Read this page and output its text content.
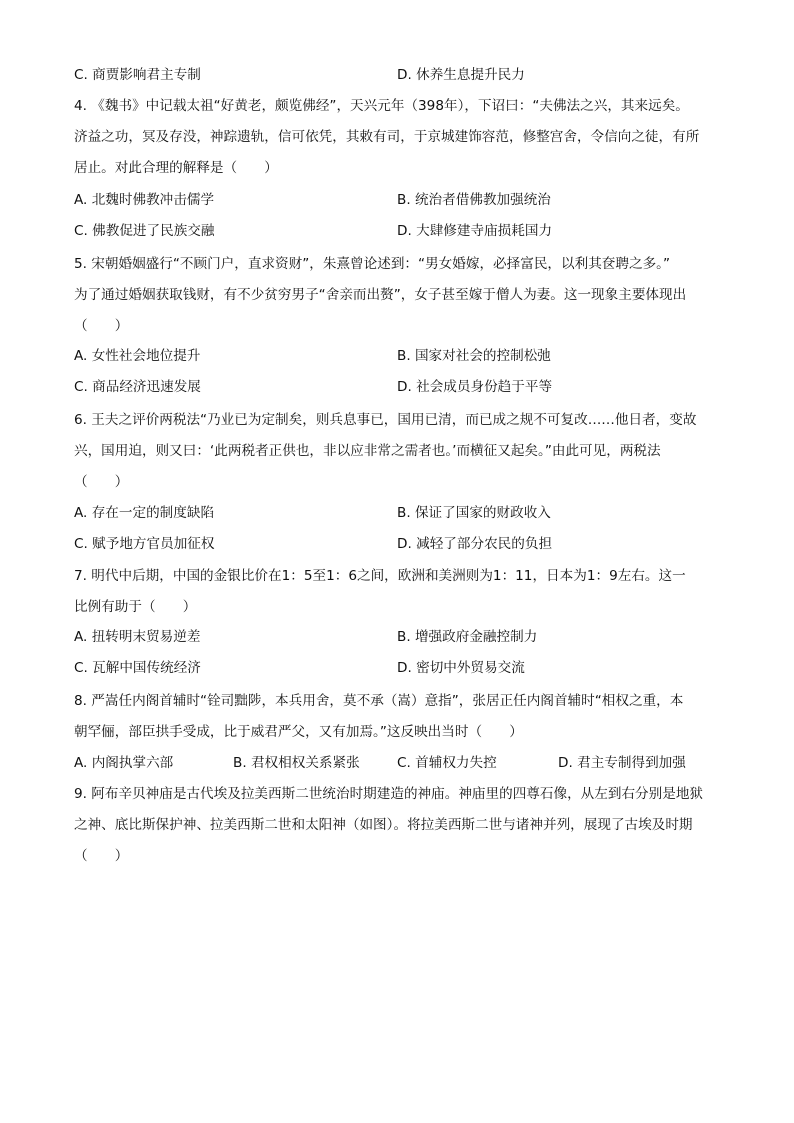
C. 商贾影响君主专制	D. 休养生息提升民力
4. 《魏书》中记载太祖“好黄老，颇览佛经”，天兴元年（398年），下诏曰：“夫佛法之兴，其来远矣。
济益之功，冥及存没，神踪遗轨，信可依凭，其敕有司，于京城建饰容范，修整宫舍，令信向之徒，有所
居止。对此合理的解释是（　　）
A. 北魏时佛教冲击儒学	B. 统治者借佛教加强统治
C. 佛教促进了民族交融	D. 大肆修建寺庙损耗国力
5. 宋朝婚姻盛行“不顾门户，直求资财”，朱熹曾论述到：“男女婚嫁，必择富民，以利其奁聘之多。”
为了通过婚姻获取钱财，有不少贫穷男子“舍亲而出赘”，女子甚至嫁于僧人为妻。这一现象主要体现出
（　　）
A. 女性社会地位提升	B. 国家对社会的控制松弛
C. 商品经济迅速发展	D. 社会成员身份趋于平等
6. 王夫之评价两税法“乃业已为定制矣，则兵息事已，国用已清，而已成之规不可复改……他日者，变故
兴，国用迫，则又曰：‘此两税者正供也，非以应非常之需者也。’而横征又起矣。”由此可见，两税法
（　　）
A. 存在一定的制度缺陷	B. 保证了国家的财政收入
C. 赋予地方官员加征权	D. 减轻了部分农民的负担
7. 明代中后期，中国的金银比价在1：5至1：6之间，欧洲和美洲则为1：11，日本为1：9左右。这一
比例有助于（　　）
A. 扭转明末贸易逆差	B. 增强政府金融控制力
C. 瓦解中国传统经济	D. 密切中外贸易交流
8. 严嵩任内阁首辅时“铨司黜陟，本兵用舍，莫不承（嵩）意指”，张居正任内阁首辅时“相权之重，本
朝罕俪，部臣拱手受成，比于威君严父，又有加焉。”这反映出当时（　　）
A. 内阁执掌六部	B. 君权相权关系紧张	C. 首辅权力失控	D. 君主专制得到加强
9. 阿布辛贝神庙是古代埃及拉美西斯二世统治时期建造的神庙。神庙里的四尊石像，从左到右分别是地狱
之神、底比斯保护神、拉美西斯二世和太阳神（如图）。将拉美西斯二世与诸神并列，展现了古埃及时期
（　　）
